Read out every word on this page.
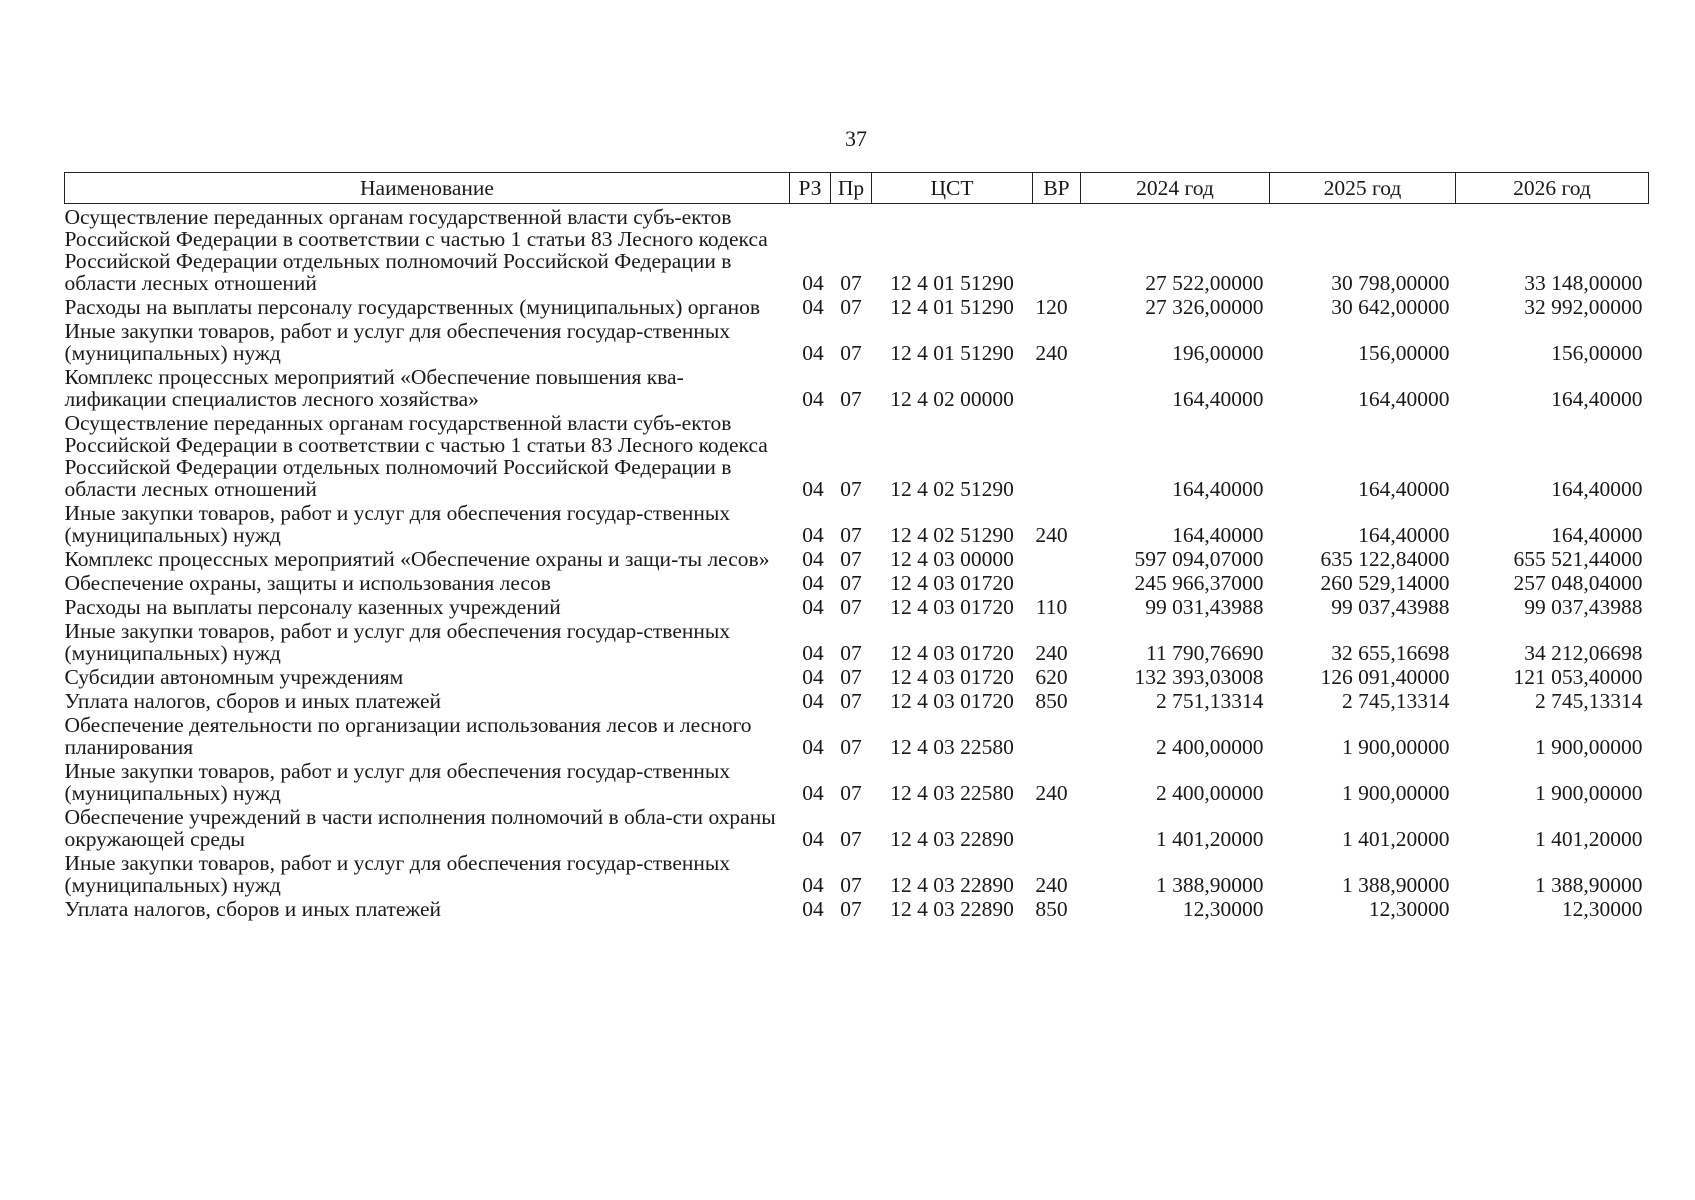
37
Наименование	РЗ	Пр	ЦСТ	ВР	2024 год	2025 год	2026 год
Осуществление переданных органам государственной власти субъ-ектов Российской Федерации в соответствии с частью 1 статьи 83 Лесного кодекса Российской Федерации отдельных полномочий Российской Федерации в области лесных отношений	04	07	12 4 01 51290		27 522,00000	30 798,00000	33 148,00000
Расходы на выплаты персоналу государственных (муниципальных) органов	04	07	12 4 01 51290	120	27 326,00000	30 642,00000	32 992,00000
Иные закупки товаров, работ и услуг для обеспечения государ-ственных (муниципальных) нужд	04	07	12 4 01 51290	240	196,00000	156,00000	156,00000
Комплекс процессных мероприятий «Обеспечение повышения ква-лификации специалистов лесного хозяйства»	04	07	12 4 02 00000		164,40000	164,40000	164,40000
Осуществление переданных органам государственной власти субъ-ектов Российской Федерации в соответствии с частью 1 статьи 83 Лесного кодекса Российской Федерации отдельных полномочий Российской Федерации в области лесных отношений	04	07	12 4 02 51290		164,40000	164,40000	164,40000
Иные закупки товаров, работ и услуг для обеспечения государ-ственных (муниципальных) нужд	04	07	12 4 02 51290	240	164,40000	164,40000	164,40000
Комплекс процессных мероприятий «Обеспечение охраны и защи-ты лесов»	04	07	12 4 03 00000		597 094,07000	635 122,84000	655 521,44000
Обеспечение охраны, защиты и использования лесов	04	07	12 4 03 01720		245 966,37000	260 529,14000	257 048,04000
Расходы на выплаты персоналу казенных учреждений	04	07	12 4 03 01720	110	99 031,43988	99 037,43988	99 037,43988
Иные закупки товаров, работ и услуг для обеспечения государ-ственных (муниципальных) нужд	04	07	12 4 03 01720	240	11 790,76690	32 655,16698	34 212,06698
Субсидии автономным учреждениям	04	07	12 4 03 01720	620	132 393,03008	126 091,40000	121 053,40000
Уплата налогов, сборов и иных платежей	04	07	12 4 03 01720	850	2 751,13314	2 745,13314	2 745,13314
Обеспечение деятельности по организации использования лесов и лесного планирования	04	07	12 4 03 22580		2 400,00000	1 900,00000	1 900,00000
Иные закупки товаров, работ и услуг для обеспечения государ-ственных (муниципальных) нужд	04	07	12 4 03 22580	240	2 400,00000	1 900,00000	1 900,00000
Обеспечение учреждений в части исполнения полномочий в обла-сти охраны окружающей среды	04	07	12 4 03 22890		1 401,20000	1 401,20000	1 401,20000
Иные закупки товаров, работ и услуг для обеспечения государ-ственных (муниципальных) нужд	04	07	12 4 03 22890	240	1 388,90000	1 388,90000	1 388,90000
Уплата налогов, сборов и иных платежей	04	07	12 4 03 22890	850	12,30000	12,30000	12,30000
